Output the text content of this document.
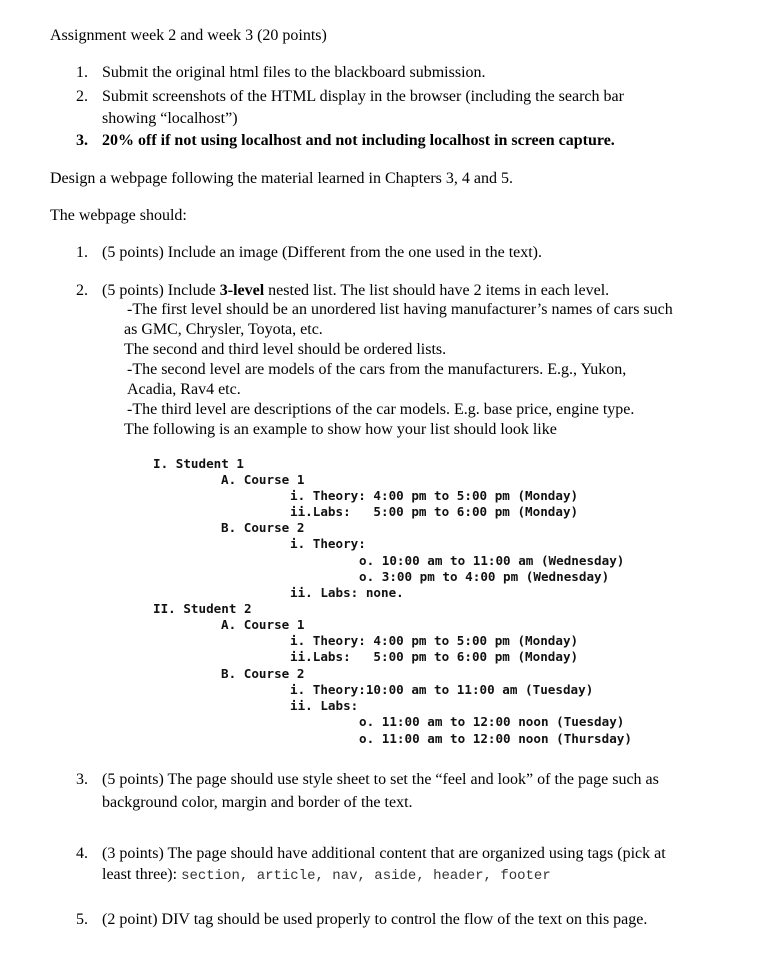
Assignment week 2 and week 3 (20 points)
1. Submit the original html files to the blackboard submission.
2. Submit screenshots of the HTML display in the browser (including the search bar
showing “localhost”)
3. 20% off if not using localhost and not including localhost in screen capture.
Design a webpage following the material learned in Chapters 3, 4 and 5.
The webpage should:
1. (5 points) Include an image (Different from the one used in the text).
2. (5 points) Include 3-level nested list. The list should have 2 items in each level.
-The first level should be an unordered list having manufacturer’s names of cars such
as GMC, Chrysler, Toyota, etc.
The second and third level should be ordered lists.
-The second level are models of the cars from the manufacturers. E.g., Yukon,
Acadia, Rav4 etc.
-The third level are descriptions of the car models. E.g. base price, engine type.
The following is an example to show how your list should look like
I. Student 1
A. Course 1
i. Theory: 4:00 pm to 5:00 pm (Monday)
ii.Labs:   5:00 pm to 6:00 pm (Monday)
B. Course 2
i. Theory:
o. 10:00 am to 11:00 am (Wednesday)
o. 3:00 pm to 4:00 pm (Wednesday)
ii. Labs: none.
II. Student 2
A. Course 1
i. Theory: 4:00 pm to 5:00 pm (Monday)
ii.Labs:   5:00 pm to 6:00 pm (Monday)
B. Course 2
i. Theory:10:00 am to 11:00 am (Tuesday)
ii. Labs:
o. 11:00 am to 12:00 noon (Tuesday)
o. 11:00 am to 12:00 noon (Thursday)
3. (5 points) The page should use style sheet to set the “feel and look” of the page such as
background color, margin and border of the text.
4. (3 points) The page should have additional content that are organized using tags (pick at
least three): section, article, nav, aside, header, footer
5. (2 point) DIV tag should be used properly to control the flow of the text on this page.
